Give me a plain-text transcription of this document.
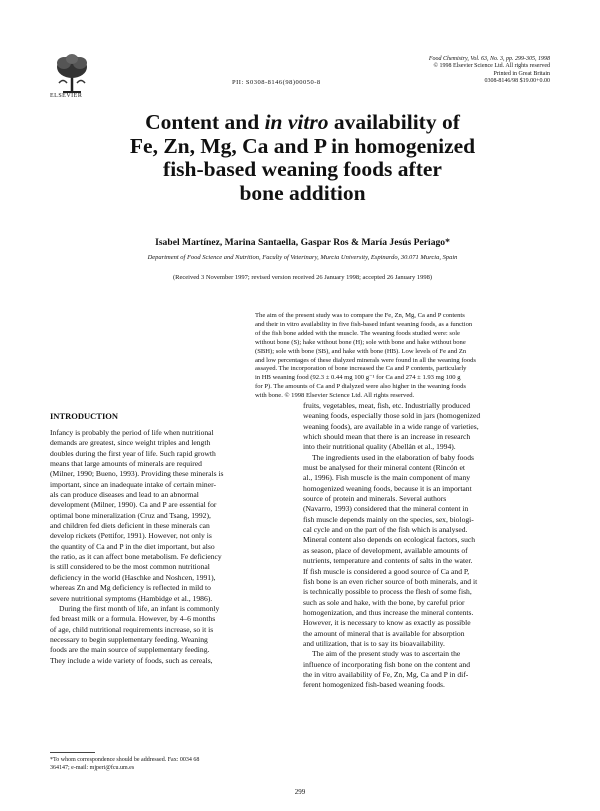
ELSEVIER
PII: S0308-8146(98)00050-8
Food Chemistry, Vol. 63, No. 3, pp. 299-305, 1998
© 1998 Elsevier Science Ltd. All rights reserved
Printed in Great Britain
0308-8146/98 $19.00+0.00
Content and in vitro availability of
Fe, Zn, Mg, Ca and P in homogenized
fish-based weaning foods after
bone addition
Isabel Martínez, Marina Santaella, Gaspar Ros & María Jesús Periago*
Department of Food Science and Nutrition, Faculty of Veterinary, Murcia University, Espinardo, 30.071 Murcia, Spain
(Received 3 November 1997; revised version received 26 January 1998; accepted 26 January 1998)
The aim of the present study was to compare the Fe, Zn, Mg, Ca and P contents
and their in vitro availability in five fish-based infant weaning foods, as a function
of the fish bone added with the muscle. The weaning foods studied were: sole
without bone (S); hake without bone (H); sole with bone and hake without bone
(SBH); sole with bone (SB), and hake with bone (HB). Low levels of Fe and Zn
and low percentages of these dialyzed minerals were found in all the weaning foods
assayed. The incorporation of bone increased the Ca and P contents, particularly
in HB weaning food (92.3 ± 0.44 mg 100 g⁻¹ for Ca and 274 ± 1.93 mg 100 g
for P). The amounts of Ca and P dialyzed were also higher in the weaning foods
with bone. © 1998 Elsevier Science Ltd. All rights reserved.
INTRODUCTION
Infancy is probably the period of life when nutritional
demands are greatest, since weight triples and length
doubles during the first year of life. Such rapid growth
means that large amounts of minerals are required
(Milner, 1990; Bueno, 1993). Providing these minerals is
important, since an inadequate intake of certain miner-
als can produce diseases and lead to an abnormal
development (Milner, 1990). Ca and P are essential for
optimal bone mineralization (Cruz and Tsang, 1992),
and children fed diets deficient in these minerals can
develop rickets (Pettifor, 1991). However, not only is
the quantity of Ca and P in the diet important, but also
the ratio, as it can affect bone metabolism. Fe deficiency
is still considered to be the most common nutritional
deficiency in the world (Haschke and Noshcen, 1991),
whereas Zn and Mg deficiency is reflected in mild to
severe nutritional symptoms (Hambidge et al., 1986).
During the first month of life, an infant is commonly
fed breast milk or a formula. However, by 4–6 months
of age, child nutritional requirements increase, so it is
necessary to begin supplementary feeding. Weaning
foods are the main source of supplementary feeding.
They include a wide variety of foods, such as cereals,
fruits, vegetables, meat, fish, etc. Industrially produced
weaning foods, especially those sold in jars (homogenized
weaning foods), are available in a wide range of varieties,
which should mean that there is an increase in research
into their nutritional quality (Abellán et al., 1994).
The ingredients used in the elaboration of baby foods
must be analysed for their mineral content (Rincón et
al., 1996). Fish muscle is the main component of many
homogenized weaning foods, because it is an important
source of protein and minerals. Several authors
(Navarro, 1993) considered that the mineral content in
fish muscle depends mainly on the species, sex, biologi-
cal cycle and on the part of the fish which is analysed.
Mineral content also depends on ecological factors, such
as season, place of development, available amounts of
nutrients, temperature and contents of salts in the water.
If fish muscle is considered a good source of Ca and P,
fish bone is an even richer source of both minerals, and it
is technically possible to process the flesh of some fish,
such as sole and hake, with the bone, by careful prior
homogenization, and thus increase the mineral contents.
However, it is necessary to know as exactly as possible
the amount of mineral that is available for absorption
and utilization, that is to say its bioavailability.
The aim of the present study was to ascertain the
influence of incorporating fish bone on the content and
the in vitro availability of Fe, Zn, Mg, Ca and P in dif-
ferent homogenized fish-based weaning foods.
*To whom correspondence should be addressed. Fax: 0034 68
364147; e-mail: mjperi@fcu.um.es
299
